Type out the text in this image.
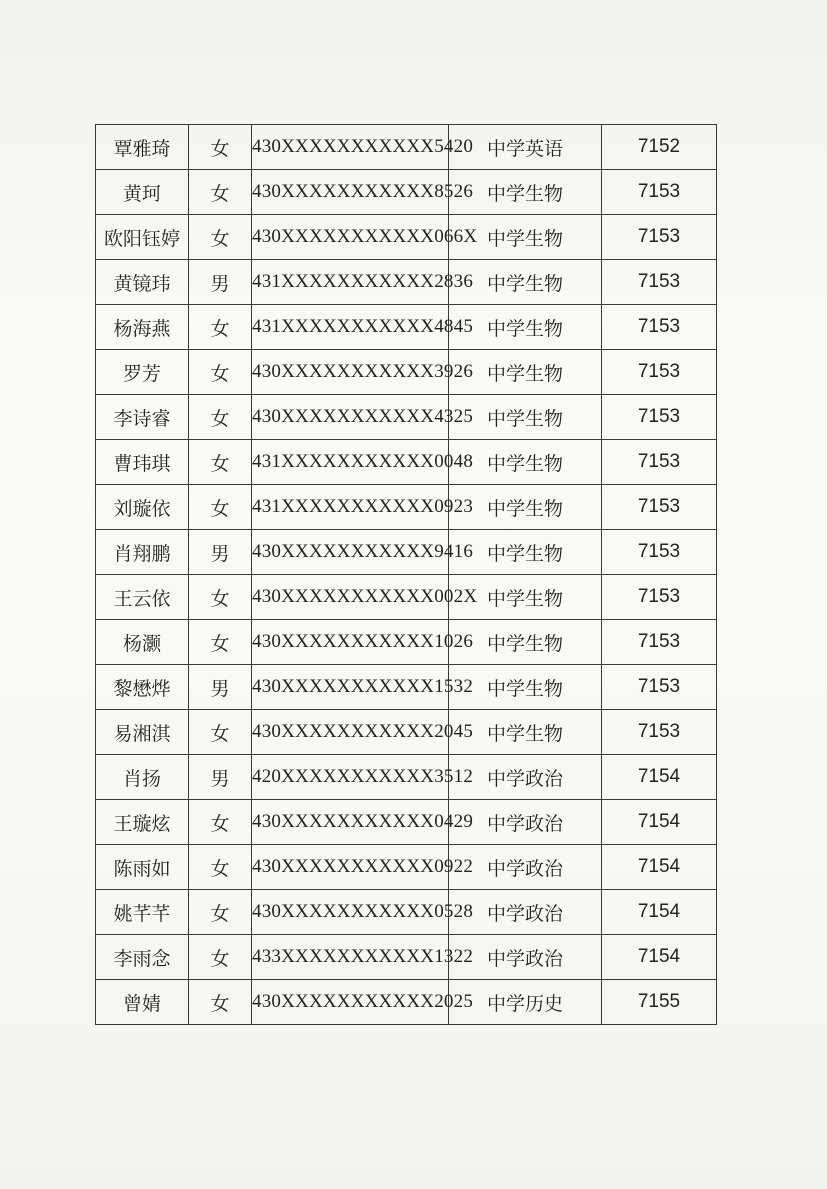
覃雅琦	女	430XXXXXXXXXXX5420	中学英语	7152
黄珂	女	430XXXXXXXXXXX8526	中学生物	7153
欧阳钰婷	女	430XXXXXXXXXXX066X	中学生物	7153
黄镜玮	男	431XXXXXXXXXXX2836	中学生物	7153
杨海燕	女	431XXXXXXXXXXX4845	中学生物	7153
罗芳	女	430XXXXXXXXXXX3926	中学生物	7153
李诗睿	女	430XXXXXXXXXXX4325	中学生物	7153
曹玮琪	女	431XXXXXXXXXXX0048	中学生物	7153
刘璇依	女	431XXXXXXXXXXX0923	中学生物	7153
肖翔鹏	男	430XXXXXXXXXXX9416	中学生物	7153
王云依	女	430XXXXXXXXXXX002X	中学生物	7153
杨灏	女	430XXXXXXXXXXX1026	中学生物	7153
黎懋烨	男	430XXXXXXXXXXX1532	中学生物	7153
易湘淇	女	430XXXXXXXXXXX2045	中学生物	7153
肖扬	男	420XXXXXXXXXXX3512	中学政治	7154
王璇炫	女	430XXXXXXXXXXX0429	中学政治	7154
陈雨如	女	430XXXXXXXXXXX0922	中学政治	7154
姚芊芊	女	430XXXXXXXXXXX0528	中学政治	7154
李雨念	女	433XXXXXXXXXXX1322	中学政治	7154
曾婧	女	430XXXXXXXXXXX2025	中学历史	7155
